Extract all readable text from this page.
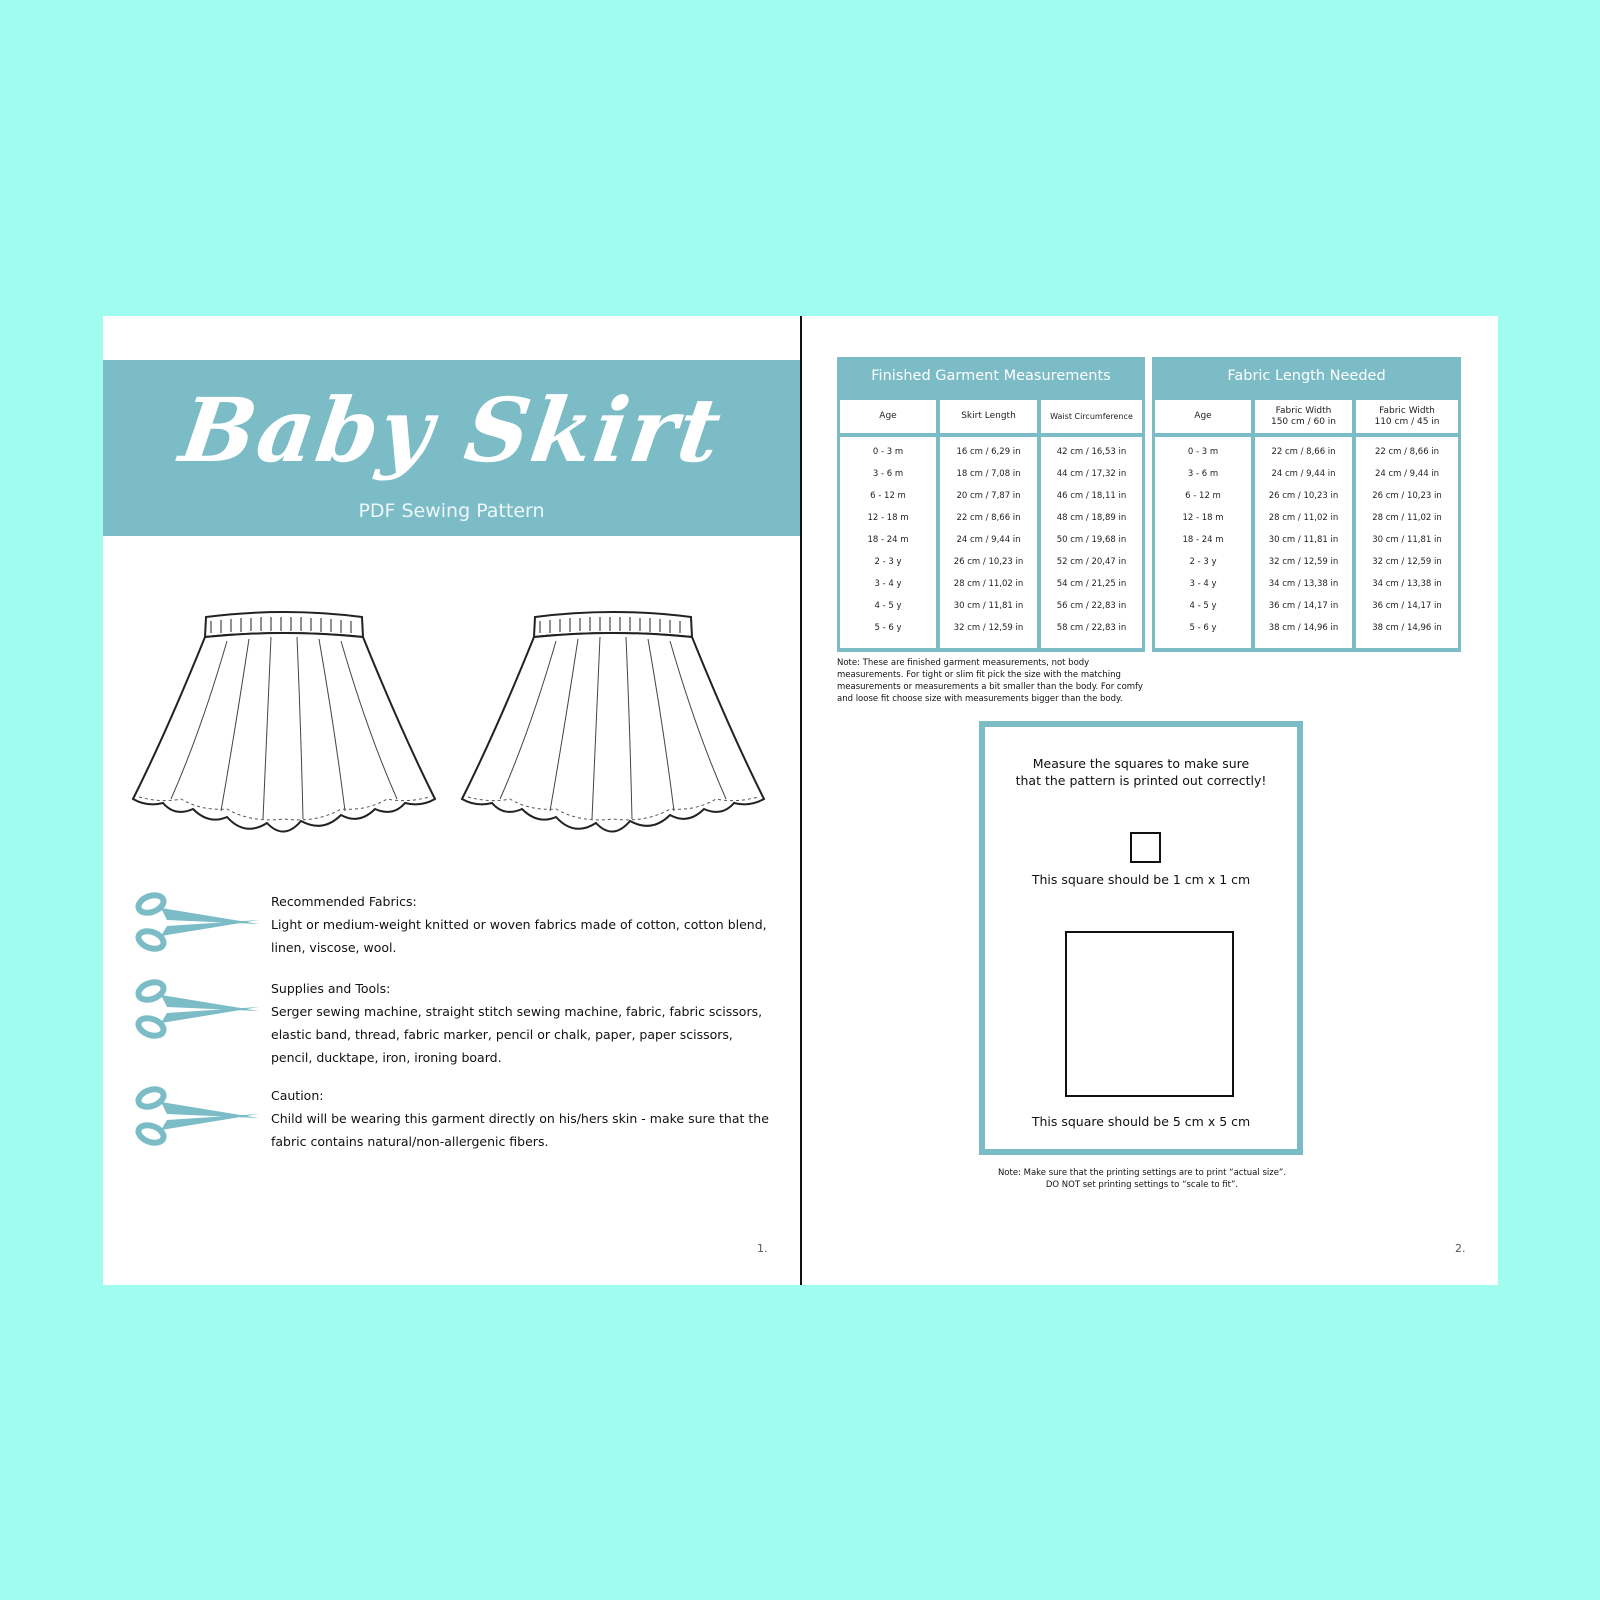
Baby Skirt
PDF Sewing Pattern
Recommended Fabrics:
Light or medium-weight knitted or woven fabrics made of cotton, cotton blend, linen, viscose, wool.
Supplies and Tools:
Serger sewing machine, straight stitch sewing machine, fabric, fabric scissors, elastic band, thread, fabric marker, pencil or chalk, paper, paper scissors, pencil, ducktape, iron, ironing board.
Caution:
Child will be wearing this garment directly on his/hers skin - make sure that the fabric contains natural/non-allergenic fibers.
1.
Finished Garment Measurements
Age
0 - 3 m
3 - 6 m
6 - 12 m
12 - 18 m
18 - 24 m
2 - 3 y
3 - 4 y
4 - 5 y
5 - 6 y
Skirt Length
16 cm / 6,29 in
18 cm / 7,08 in
20 cm / 7,87 in
22 cm / 8,66 in
24 cm / 9,44 in
26 cm / 10,23 in
28 cm / 11,02 in
30 cm / 11,81 in
32 cm / 12,59 in
Waist Circumference
42 cm / 16,53 in
44 cm / 17,32 in
46 cm / 18,11 in
48 cm / 18,89 in
50 cm / 19,68 in
52 cm / 20,47 in
54 cm / 21,25 in
56 cm / 22,83 in
58 cm / 22,83 in
Fabric Length Needed
Age
0 - 3 m
3 - 6 m
6 - 12 m
12 - 18 m
18 - 24 m
2 - 3 y
3 - 4 y
4 - 5 y
5 - 6 y
Fabric Width 150 cm / 60 in
22 cm / 8,66 in
24 cm / 9,44 in
26 cm / 10,23 in
28 cm / 11,02 in
30 cm / 11,81 in
32 cm / 12,59 in
34 cm / 13,38 in
36 cm / 14,17 in
38 cm / 14,96 in
Fabric Width 110 cm / 45 in
22 cm / 8,66 in
24 cm / 9,44 in
26 cm / 10,23 in
28 cm / 11,02 in
30 cm / 11,81 in
32 cm / 12,59 in
34 cm / 13,38 in
36 cm / 14,17 in
38 cm / 14,96 in
Note: These are finished garment measurements, not body measurements. For tight or slim fit pick the size with the matching measurements or measurements a bit smaller than the body. For comfy and loose fit choose size with measurements bigger than the body.
Measure the squares to make sure
that the pattern is printed out correctly!
This square should be 1 cm x 1 cm
This square should be 5 cm x 5 cm
Note: Make sure that the printing settings are to print “actual size”.
DO NOT set printing settings to “scale to fit”.
2.
